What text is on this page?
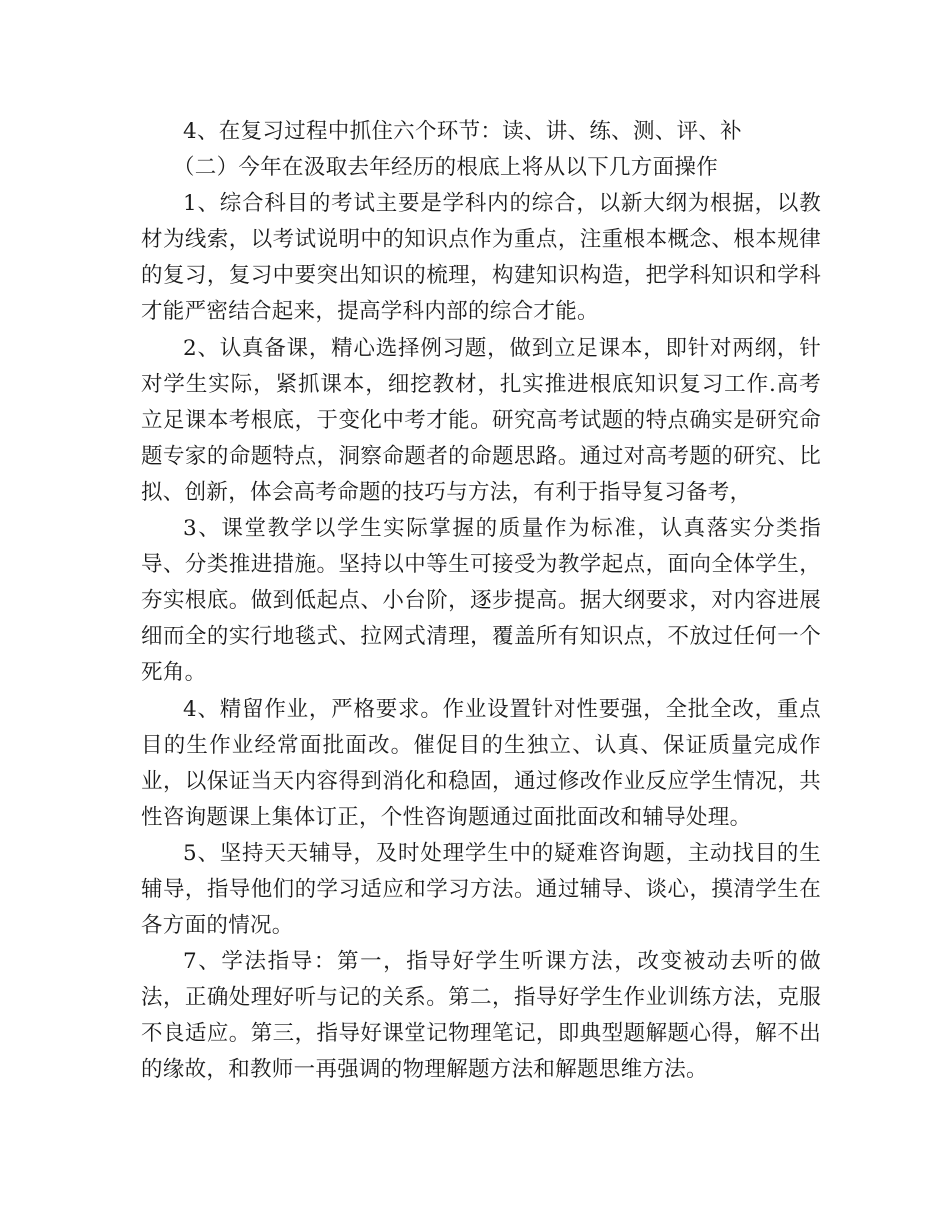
4、在复习过程中抓住六个环节：读、讲、练、测、评、补

（二）今年在汲取去年经历的根底上将从以下几方面操作

1、综合科目的考试主要是学科内的综合，以新大纲为根据，以教材为线索，以考试说明中的知识点作为重点，注重根本概念、根本规律的复习，复习中要突出知识的梳理，构建知识构造，把学科知识和学科才能严密结合起来，提高学科内部的综合才能。

2、认真备课，精心选择例习题，做到立足课本，即针对两纲，针对学生实际，紧抓课本，细挖教材，扎实推进根底知识复习工作.高考立足课本考根底，于变化中考才能。研究高考试题的特点确实是研究命题专家的命题特点，洞察命题者的命题思路。通过对高考题的研究、比拟、创新，体会高考命题的技巧与方法，有利于指导复习备考，

3、课堂教学以学生实际掌握的质量作为标准，认真落实分类指导、分类推进措施。坚持以中等生可接受为教学起点，面向全体学生，夯实根底。做到低起点、小台阶，逐步提高。据大纲要求，对内容进展细而全的实行地毯式、拉网式清理，覆盖所有知识点，不放过任何一个死角。

4、精留作业，严格要求。作业设置针对性要强，全批全改，重点目的生作业经常面批面改。催促目的生独立、认真、保证质量完成作业，以保证当天内容得到消化和稳固，通过修改作业反应学生情况，共性咨询题课上集体订正，个性咨询题通过面批面改和辅导处理。

5、坚持天天辅导，及时处理学生中的疑难咨询题，主动找目的生辅导，指导他们的学习适应和学习方法。通过辅导、谈心，摸清学生在各方面的情况。

7、学法指导：第一，指导好学生听课方法，改变被动去听的做法，正确处理好听与记的关系。第二，指导好学生作业训练方法，克服不良适应。第三，指导好课堂记物理笔记，即典型题解题心得，解不出的缘故，和教师一再强调的物理解题方法和解题思维方法。
